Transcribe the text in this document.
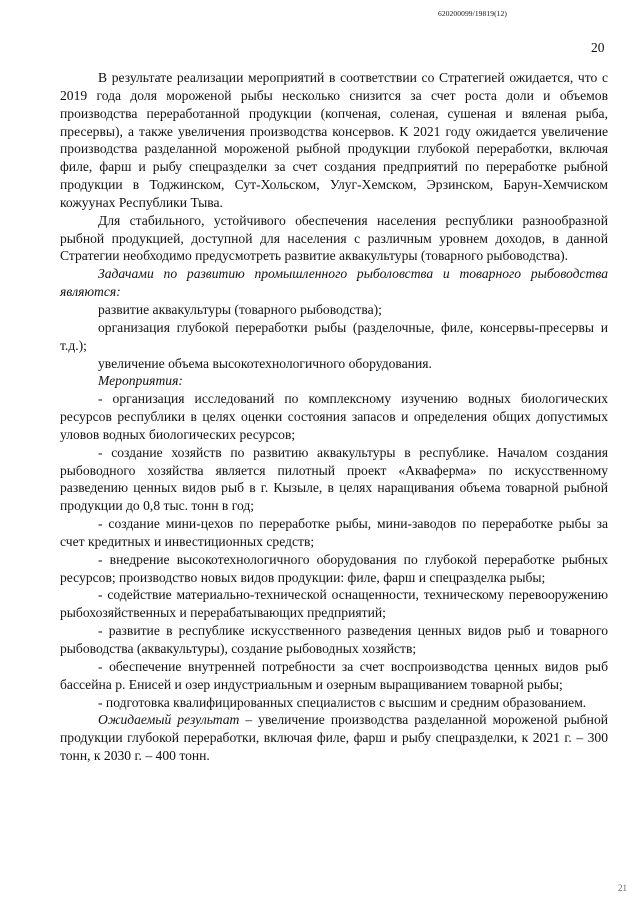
620200099/19819(12)
20

В результате реализации мероприятий в соответствии со Стратегией ожидается, что с 2019 года доля мороженой рыбы несколько снизится за счет роста доли и объемов производства переработанной продукции (копченая, соленая, сушеная и вяленая рыба, пресервы), а также увеличения производства консервов. К 2021 году ожидается увеличение производства разделанной мороженой рыбной продукции глубокой переработки, включая филе, фарш и рыбу спецразделки за счет создания предприятий по переработке рыбной продукции в Тоджинском, Сут-Хольском, Улуг-Хемском, Эрзинском, Барун-Хемчиском кожуунах Республики Тыва.

Для стабильного, устойчивого обеспечения населения республики разнообразной рыбной продукцией, доступной для населения с различным уровнем доходов, в данной Стратегии необходимо предусмотреть развитие аквакультуры (товарного рыбоводства).

Задачами по развитию промышленного рыболовства и товарного рыбоводства являются:

развитие аквакультуры (товарного рыбоводства);

организация глубокой переработки рыбы (разделочные, филе, консервы-пресервы и т.д.);

увеличение объема высокотехнологичного оборудования.

Мероприятия:

- организация исследований по комплексному изучению водных биологических ресурсов республики в целях оценки состояния запасов и определения общих допустимых уловов водных биологических ресурсов;

- создание хозяйств по развитию аквакультуры в республике. Началом создания рыбоводного хозяйства является пилотный проект «Акваферма» по искусственному разведению ценных видов рыб в г. Кызыле, в целях наращивания объема товарной рыбной продукции до 0,8 тыс. тонн в год;

- создание мини-цехов по переработке рыбы, мини-заводов по переработке рыбы за счет кредитных и инвестиционных средств;

- внедрение высокотехнологичного оборудования по глубокой переработке рыбных ресурсов; производство новых видов продукции: филе, фарш и спецразделка рыбы;

- содействие материально-технической оснащенности, техническому перевооружению рыбохозяйственных и перерабатывающих предприятий;

- развитие в республике искусственного разведения ценных видов рыб и товарного рыбоводства (аквакультуры), создание рыбоводных хозяйств;

- обеспечение внутренней потребности за счет воспроизводства ценных видов рыб бассейна р. Енисей и озер индустриальным и озерным выращиванием товарной рыбы;

- подготовка квалифицированных специалистов с высшим и средним образованием.

Ожидаемый результат – увеличение производства разделанной мороженой рыбной продукции глубокой переработки, включая филе, фарш и рыбу спецразделки, к 2021 г. – 300 тонн, к 2030 г. – 400 тонн.

21
